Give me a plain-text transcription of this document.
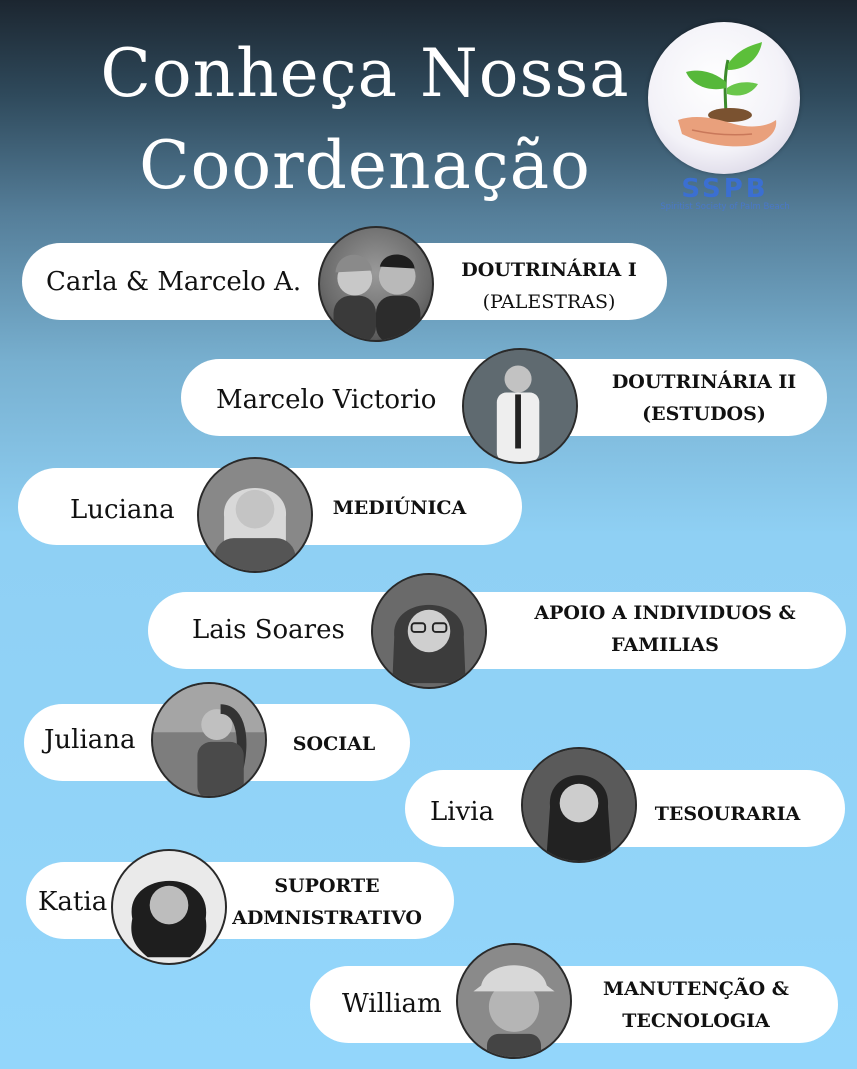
Conheça Nossa
Coordenação	SSPB
Spiritist Society of Palm Beach
Carla & Marcelo A.	DOUTRINÁRIA I
(PALESTRAS)
Marcelo Victorio
DOUTRINÁRIA II
(ESTUDOS)
Luciana	MEDIÚNICA
Lais Soares
APOIO A INDIVIDUOS &
FAMILIAS
Juliana	SOCIAL
Livia	TESOURARIA
Katia
SUPORTE
ADMNISTRATIVO
William	MANUTENÇÃO &
TECNOLOGIA
